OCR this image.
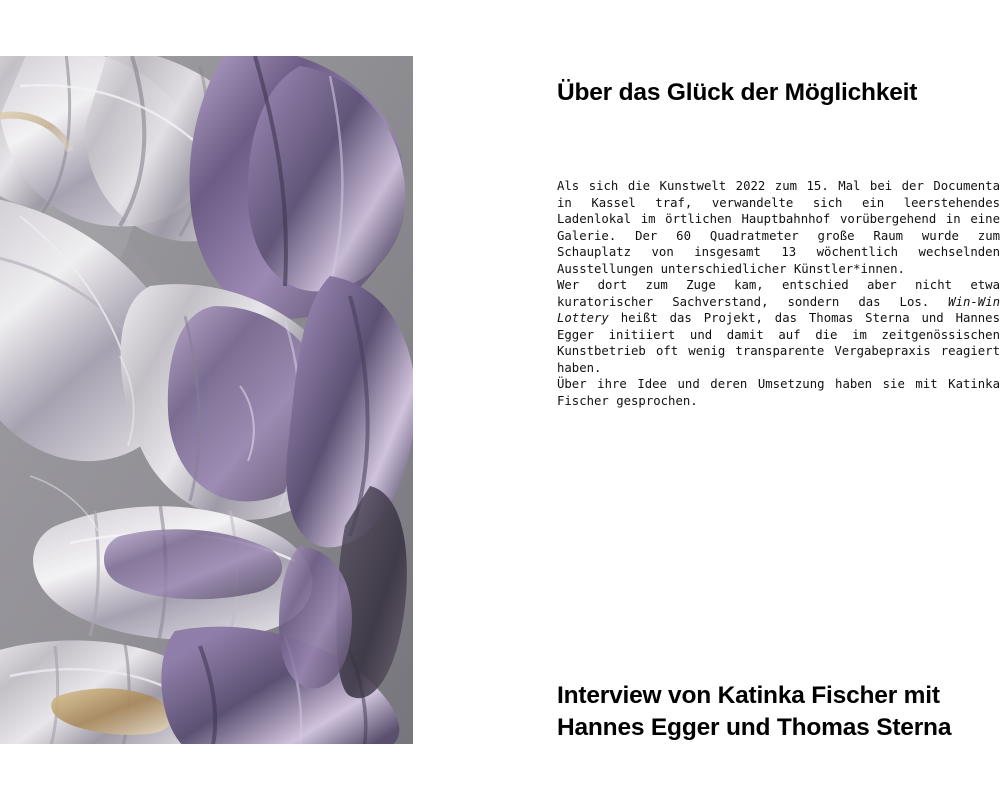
Über das Glück der Möglichkeit

Als sich die Kunstwelt 2022 zum 15. Mal bei der Documenta in Kassel traf, verwandelte sich ein leerstehendes Ladenlokal im örtlichen Hauptbahnhof vorübergehend in eine Galerie. Der 60 Quadratmeter große Raum wurde zum Schauplatz von insgesamt 13 wöchentlich wechselnden Ausstellungen unterschiedlicher Künstler*innen.

Wer dort zum Zuge kam, entschied aber nicht etwa kuratorischer Sachverstand, sondern das Los. Win-Win Lottery heißt das Projekt, das Thomas Sterna und Hannes Egger initiiert und damit auf die im zeitgenössischen Kunstbetrieb oft wenig transparente Vergabepraxis reagiert haben.

Über ihre Idee und deren Umsetzung haben sie mit Katinka Fischer gesprochen.

Interview von Katinka Fischer mit
Hannes Egger und Thomas Sterna
